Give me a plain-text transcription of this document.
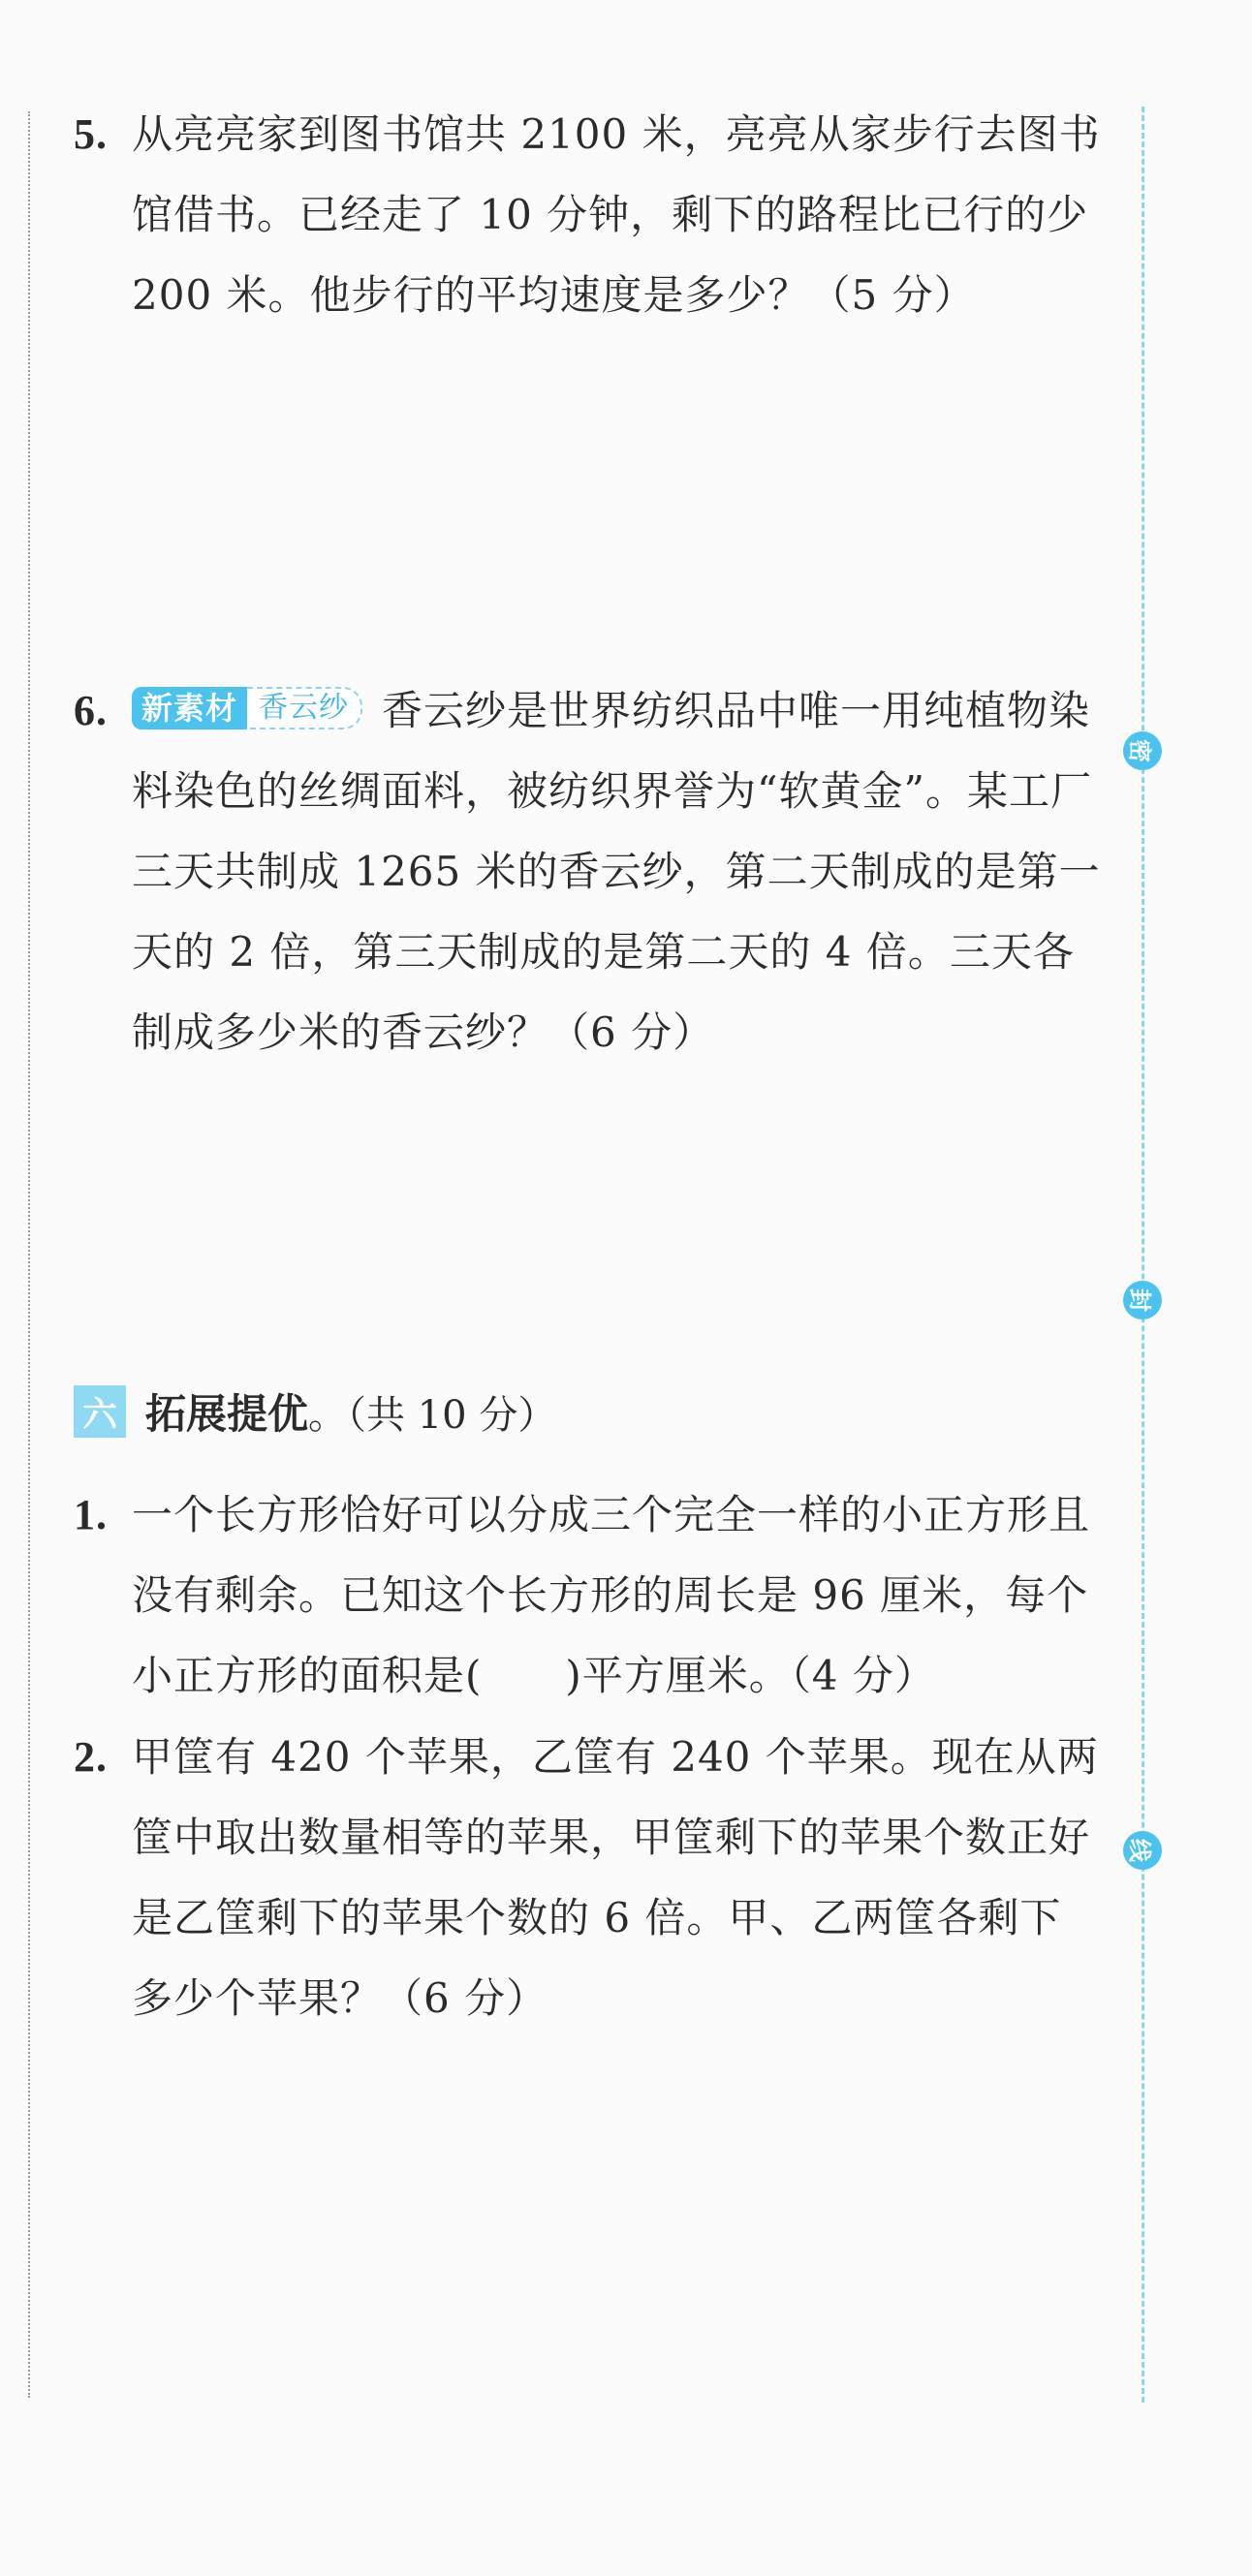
密
封
线
5. 从亮亮家到图书馆共 2100 米，亮亮从家步行去图书馆借书。已经走了 10 分钟，剩下的路程比已行的少 200 米。他步行的平均速度是多少？（5 分）
6.	新素材 香云纱 香云纱是世界纺织品中唯一用纯植物染料染色的丝绸面料，被纺织界誉为“软黄金”。某工厂三天共制成 1265 米的香云纱，第二天制成的是第一天的 2 倍，第三天制成的是第二天的 4 倍。三天各制成多少米的香云纱？（6 分）
六 拓展提优 。（共 10 分）
1. 一个长方形恰好可以分成三个完全一样的小正方形且没有剩余。已知这个长方形的周长是 96 厘米，每个小正方形的面积是(　　)平方厘米。（4 分）
2. 甲筐有 420 个苹果，乙筐有 240 个苹果。现在从两筐中取出数量相等的苹果，甲筐剩下的苹果个数正好是乙筐剩下的苹果个数的 6 倍。甲、乙两筐各剩下多少个苹果？（6 分）
